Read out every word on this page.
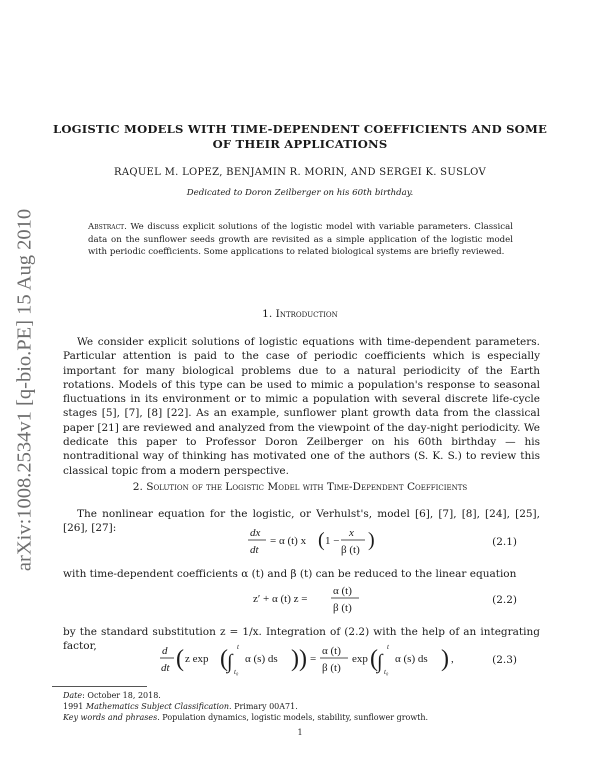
arXiv:1008.2534v1 [q-bio.PE] 15 Aug 2010
LOGISTIC MODELS WITH TIME-DEPENDENT COEFFICIENTS AND SOME OF THEIR APPLICATIONS
RAQUEL M. LOPEZ, BENJAMIN R. MORIN, AND SERGEI K. SUSLOV
Dedicated to Doron Zeilberger on his 60th birthday.
Abstract. We discuss explicit solutions of the logistic model with variable parameters. Classical data on the sunflower seeds growth are revisited as a simple application of the logistic model with periodic coefficients. Some applications to related biological systems are briefly reviewed.
1. Introduction
We consider explicit solutions of logistic equations with time-dependent parameters. Particular attention is paid to the case of periodic coefficients which is especially important for many biological problems due to a natural periodicity of the Earth rotations. Models of this type can be used to mimic a population's response to seasonal fluctuations in its environment or to mimic a population with several discrete life-cycle stages [5], [7], [8] [22]. As an example, sunflower plant growth data from the classical paper [21] are reviewed and analyzed from the viewpoint of the day-night periodicity. We dedicate this paper to Professor Doron Zeilberger on his 60th birthday — his nontraditional way of thinking has motivated one of the authors (S. K. S.) to review this classical topic from a modern perspective.
2. Solution of the Logistic Model with Time-Dependent Coefficients
The nonlinear equation for the logistic, or Verhulst's, model [6], [7], [8], [24], [25], [26], [27]:	dx
dt
= α (t) x ( 1 −
x
β (t) )	(2.1)
with time-dependent coefficients α (t) and β (t) can be reduced to the linear equation
z′ + α (t) z =
α (t)
β (t)
(2.2)
by the standard substitution z = 1/x. Integration of (2.2) with the help of an integrating factor,	d
dt ( z exp ( ∫
t
t₀
α (s) ds ) ) =
α (t)
β (t)
exp ( ∫
t
t₀
α (s) ds ) ,	(2.3)
Date: October 18, 2018.
1991 Mathematics Subject Classification. Primary 00A71.
Key words and phrases. Population dynamics, logistic models, stability, sunflower growth.
1
